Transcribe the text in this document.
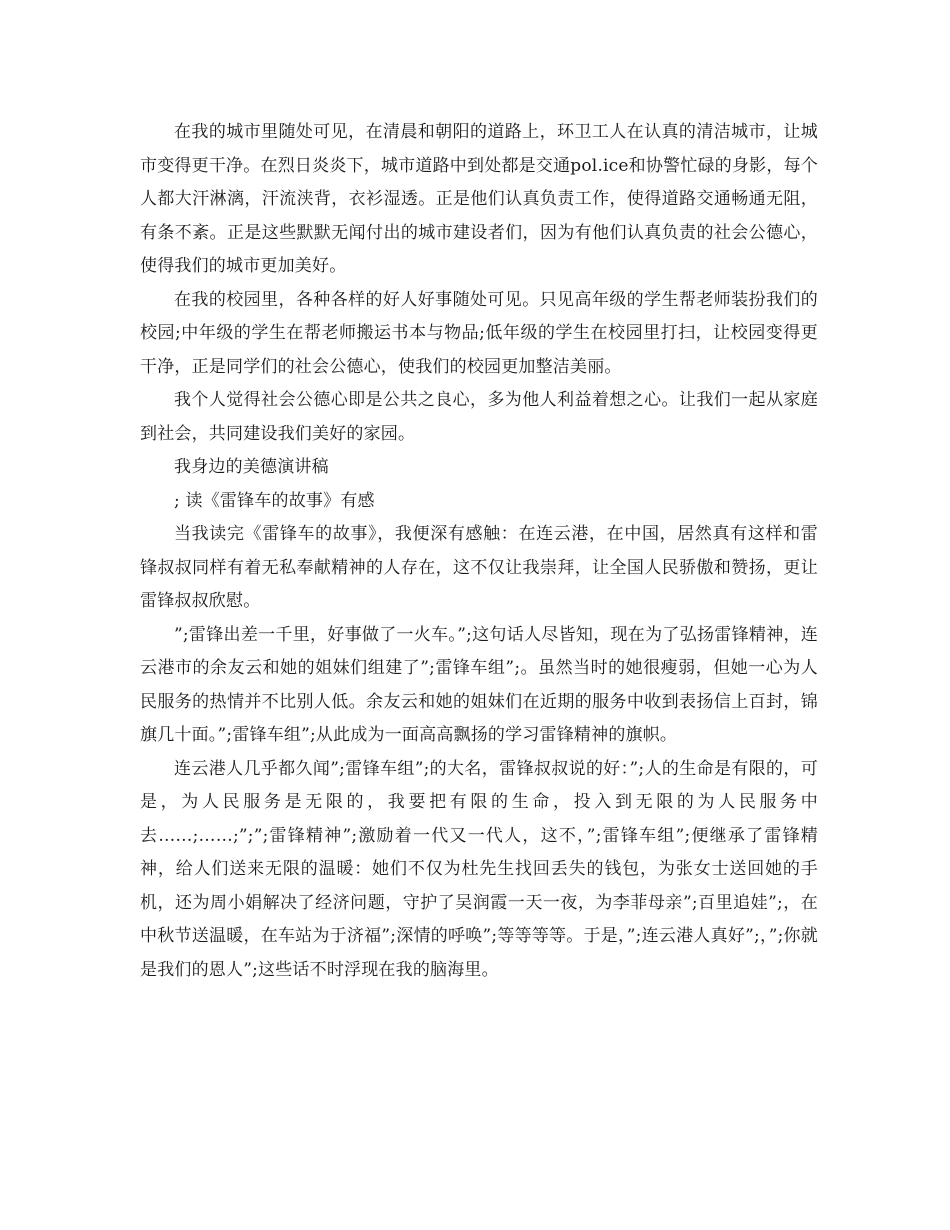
在我的城市里随处可见，在清晨和朝阳的道路上，环卫工人在认真的清洁城市，让城市变得更干净。在烈日炎炎下，城市道路中到处都是交通pol.ice和协警忙碌的身影，每个人都大汗淋漓，汗流浃背，衣衫湿透。正是他们认真负责工作，使得道路交通畅通无阻，有条不紊。正是这些默默无闻付出的城市建设者们，因为有他们认真负责的社会公德心，使得我们的城市更加美好。

在我的校园里，各种各样的好人好事随处可见。只见高年级的学生帮老师装扮我们的校园;中年级的学生在帮老师搬运书本与物品;低年级的学生在校园里打扫，让校园变得更干净，正是同学们的社会公德心，使我们的校园更加整洁美丽。

我个人觉得社会公德心即是公共之良心，多为他人利益着想之心。让我们一起从家庭到社会，共同建设我们美好的家园。

我身边的美德演讲稿

; 读《雷锋车的故事》有感

当我读完《雷锋车的故事》，我便深有感触：在连云港，在中国，居然真有这样和雷锋叔叔同样有着无私奉献精神的人存在，这不仅让我崇拜，让全国人民骄傲和赞扬，更让雷锋叔叔欣慰。

”;雷锋出差一千里，好事做了一火车。”;这句话人尽皆知，现在为了弘扬雷锋精神，连云港市的余友云和她的姐妹们组建了”;雷锋车组”;。虽然当时的她很瘦弱，但她一心为人民服务的热情并不比别人低。余友云和她的姐妹们在近期的服务中收到表扬信上百封，锦旗几十面。”;雷锋车组”;从此成为一面高高飘扬的学习雷锋精神的旗帜。

连云港人几乎都久闻”;雷锋车组”;的大名，雷锋叔叔说的好：”;人的生命是有限的，可是，为人民服务是无限的，我要把有限的生命，投入到无限的为人民服务中去……;……;”;”;雷锋精神”;激励着一代又一代人，这不，”;雷锋车组”;便继承了雷锋精神，给人们送来无限的温暖：她们不仅为杜先生找回丢失的钱包，为张女士送回她的手机，还为周小娟解决了经济问题，守护了吴润霞一天一夜，为李菲母亲”;百里追娃”;，在中秋节送温暖，在车站为于济福”;深情的呼唤”;等等等等。于是，”;连云港人真好”;，”;你就是我们的恩人”;这些话不时浮现在我的脑海里。
